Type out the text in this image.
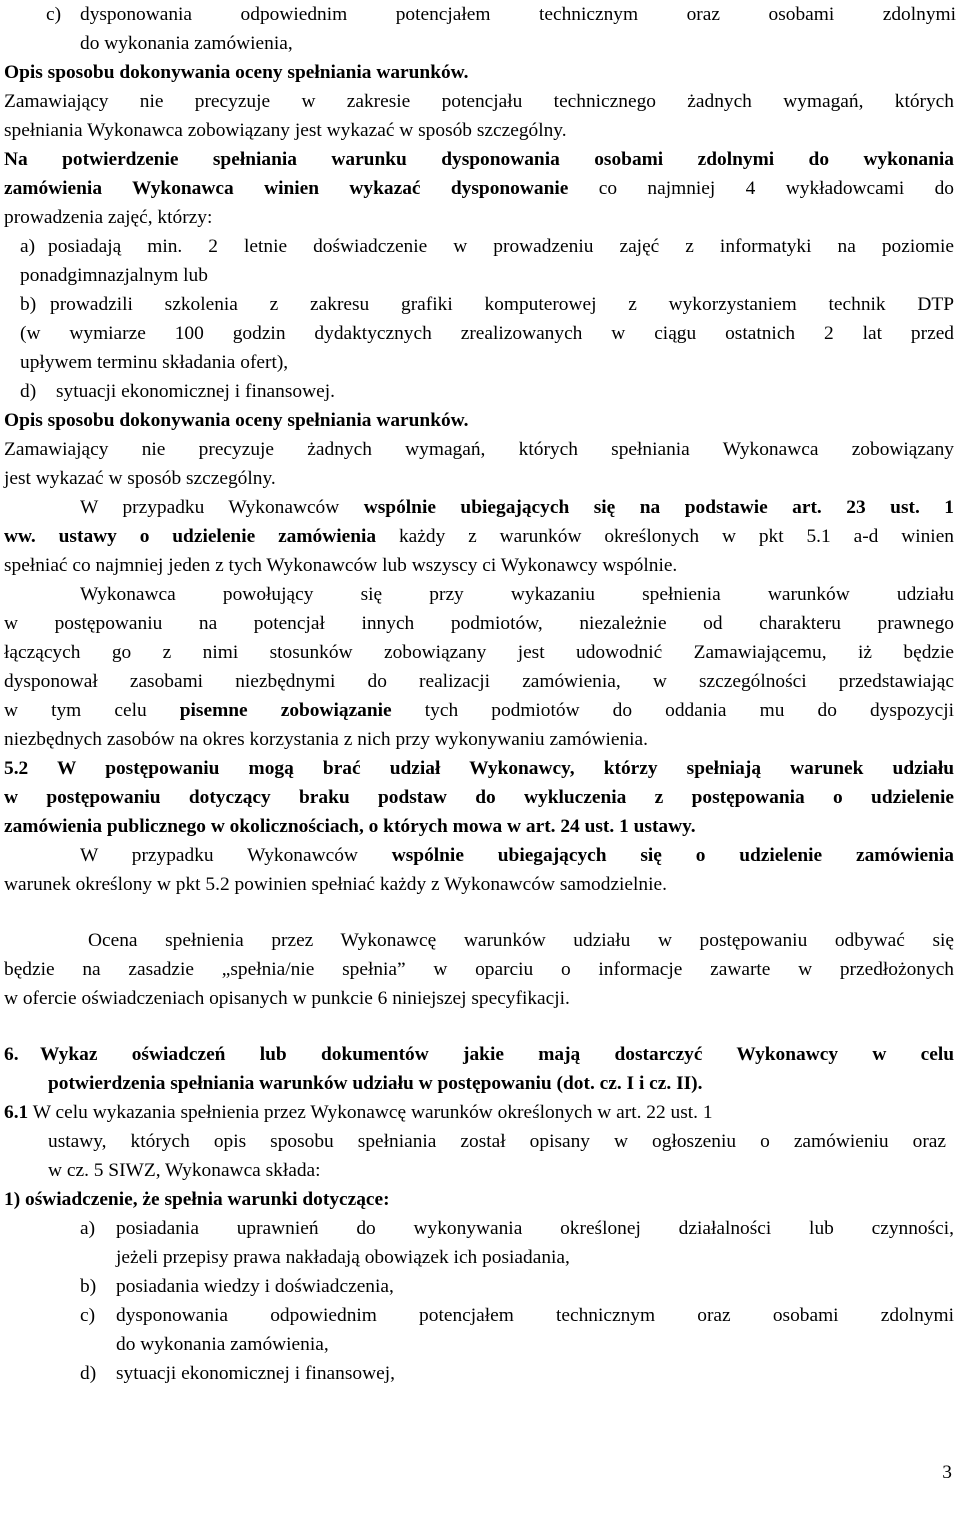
c) dysponowania odpowiednim potencjałem technicznym oraz osobami zdolnymi
do wykonania zamówienia,
Opis sposobu dokonywania oceny spełniania warunków.
Zamawiający nie precyzuje w zakresie potencjału technicznego żadnych wymagań, których
spełniania Wykonawca zobowiązany jest wykazać w sposób szczególny.
Na potwierdzenie spełniania warunku dysponowania osobami zdolnymi do wykonania
zamówienia Wykonawca winien wykazać dysponowanie co najmniej 4 wykładowcami do
prowadzenia zajęć, którzy:
a) posiadają min. 2 letnie doświadczenie w prowadzeniu zajęć z informatyki na poziomie
ponadgimnazjalnym lub
b) prowadzili szkolenia z zakresu grafiki komputerowej z wykorzystaniem technik DTP
(w wymiarze 100 godzin dydaktycznych zrealizowanych w ciągu ostatnich 2 lat przed
upływem terminu składania ofert),
d) sytuacji ekonomicznej i finansowej.
Opis sposobu dokonywania oceny spełniania warunków.
Zamawiający nie precyzuje żadnych wymagań, których spełniania Wykonawca zobowiązany
jest wykazać w sposób szczególny.
W przypadku Wykonawców wspólnie ubiegających się na podstawie art. 23 ust. 1
ww. ustawy o udzielenie zamówienia każdy z warunków określonych w pkt 5.1 a-d winien
spełniać co najmniej jeden z tych Wykonawców lub wszyscy ci Wykonawcy wspólnie.
Wykonawca powołujący się przy wykazaniu spełnienia warunków udziału
w postępowaniu na potencjał innych podmiotów, niezależnie od charakteru prawnego
łączących go z nimi stosunków zobowiązany jest udowodnić Zamawiającemu, iż będzie
dysponował zasobami niezbędnymi do realizacji zamówienia, w szczególności przedstawiając
w tym celu pisemne zobowiązanie tych podmiotów do oddania mu do dyspozycji
niezbędnych zasobów na okres korzystania z nich przy wykonywaniu zamówienia.
5.2 W postępowaniu mogą brać udział Wykonawcy, którzy spełniają warunek udziału
w postępowaniu dotyczący braku podstaw do wykluczenia z postępowania o udzielenie
zamówienia publicznego w okolicznościach, o których mowa w art. 24 ust. 1 ustawy.
W przypadku Wykonawców wspólnie ubiegających się o udzielenie zamówienia
warunek określony w pkt 5.2 powinien spełniać każdy z Wykonawców samodzielnie.
Ocena spełnienia przez Wykonawcę warunków udziału w postępowaniu odbywać się
będzie na zasadzie „spełnia/nie spełnia” w oparciu o informacje zawarte w przedłożonych
w ofercie oświadczeniach opisanych w punkcie 6 niniejszej specyfikacji.
6. Wykaz oświadczeń lub dokumentów jakie mają dostarczyć Wykonawcy w celu
potwierdzenia spełniania warunków udziału w postępowaniu (dot. cz. I i cz. II).
6.1 W celu wykazania spełnienia przez Wykonawcę warunków określonych w art. 22 ust. 1
ustawy, których opis sposobu spełniania został opisany w ogłoszeniu o zamówieniu oraz
w cz. 5 SIWZ, Wykonawca składa:
1) oświadczenie, że spełnia warunki dotyczące:
a) posiadania uprawnień do wykonywania określonej działalności lub czynności,
jeżeli przepisy prawa nakładają obowiązek ich posiadania,
b) posiadania wiedzy i doświadczenia,
c) dysponowania odpowiednim potencjałem technicznym oraz osobami zdolnymi
do wykonania zamówienia,
d) sytuacji ekonomicznej i finansowej,
3
